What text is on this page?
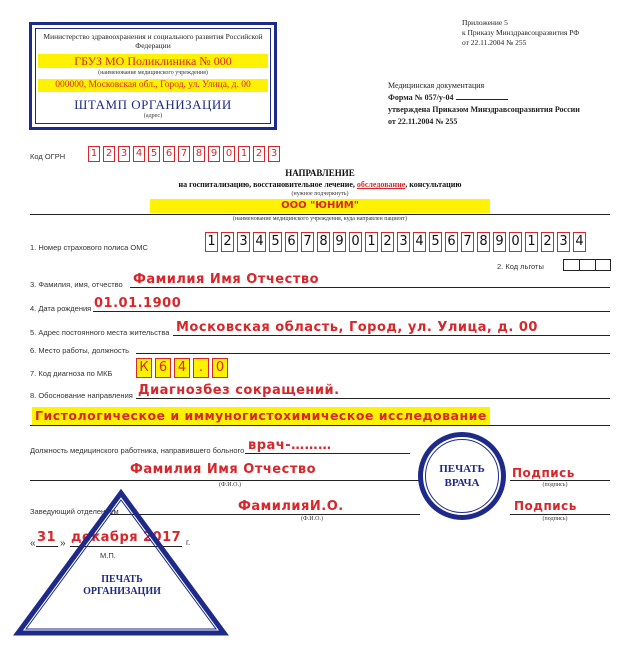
Министерство здравоохранения и социального развития Российской Федерации
ГБУЗ МО Поликлиника № 000
(наименование медицинского учреждения)
000000, Московская обл., Город, ул. Улица, д. 00
ШТАМП ОРГАНИЗАЦИИ
(адрес)
Приложение 5
к Приказу Минздравсоцразвития РФ
от 22.11.2004 № 255
Медицинская документация
Форма № 057/у-04
утверждена Приказом Минздравсоцразвития России
от 22.11.2004 № 255
Код ОГРН	1 2 3 4 5 6 7 8 9 0 1 2 3
НАПРАВЛЕНИЕ
на госпитализацию, восстановительное лечение, обследование, консультацию
(нужное подчеркнуть)
ООО "ЮНИМ"
(наименование медицинского учреждения, куда направлен пациент)
1. Номер страхового полиса ОМС	1 2 3 4 5 6 7 8 9 0 1 2 3 4 5 6 7 8 9 0 1 2 3 4
2. Код льготы
3. Фамилия, имя, отчество Фамилия Имя Отчество
4. Дата рождения 01.01.1900
5. Адрес постоянного места жительства Московская область, Город, ул. Улица, д. 00
6. Место работы, должность
7. Код диагноза по МКБ К 6 4 . 0
8. Обоснование направления Диагнозбез сокращений.
Гистологическое и иммуногистохимическое исследование
Должность медицинского работника, направившего больного врач-………
Фамилия Имя Отчество
(Ф.И.О.)
Подпись
(подпись)
ПЕЧАТЬ
ВРАЧА
Заведующий отделением	ФамилияИ.О.
(Ф.И.О.)
Подпись
(подпись)
« 31 » декабря 2017 г.
М.П.
ПЕЧАТЬ
ОРГАНИЗАЦИИ
